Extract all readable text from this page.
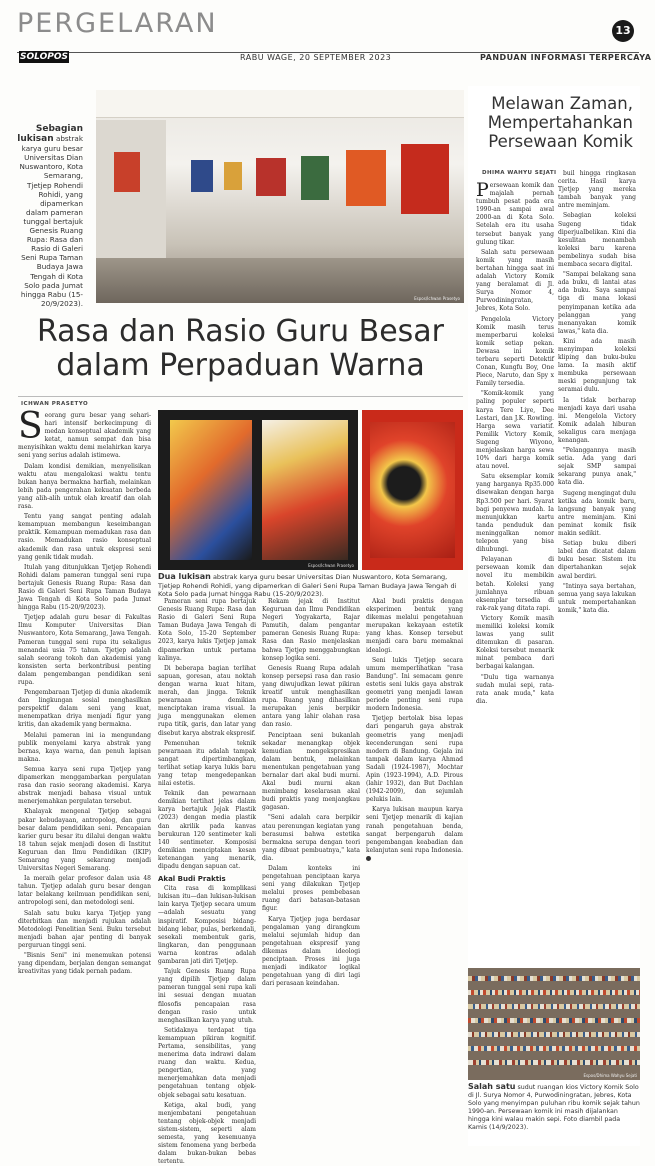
PERGELARAN	13
SOLOPOS	RABU WAGE, 20 SEPTEMBER 2023	PANDUAN INFORMASI TERPERCAYA
Sebagian lukisan abstrak karya guru besar Universitas Dian Nuswantoro, Kota Semarang, Tjetjep Rohendi Rohidi, yang dipamerkan dalam pameran tunggal bertajuk Genesis Ruang Rupa: Rasa dan Rasio di Galeri Seni Rupa Taman Budaya Jawa Tengah di Kota Solo pada Jumat hingga Rabu (15-20/9/2023).
Espos/Ichwan Prasetyo
Melawan Zaman, Mempertahankan Persewaan Komik
DHIMA WAHYU SEJATI
P ersewaan komik dan majalah pernah tumbuh pesat pada era 1990-an sampai awal 2000-an di Kota Solo. Setelah era itu usaha tersebut banyak yang gulung tikar.

Salah satu persewaan komik yang masih bertahan hingga saat ini adalah Victory Komik yang beralamat di Jl. Surya Nomor 4, Purwodiningratan, Jebres, Kota Solo.

Pengelola Victory Komik masih terus memperbarui koleksi komik setiap pekan. Dewasa ini komik terbaru seperti Detektif Conan, Kungfu Boy, One Piece, Naruto, dan Spy x Family tersedia.

"Komik-komik yang paling populer seperti karya Tere Liye, Dee Lestari, dan J.K. Rowling. Harga sewa variatif. Pemilik Victory Komik, Sugeng Wiyono, menjelaskan harga sewa 10% dari harga komik atau novel.

Satu eksemplar komik yang harganya Rp35.000 disewakan dengan harga Rp3.500 per hari. Syarat bagi penyewa mudah. Ia menunjukkan kartu tanda penduduk dan meninggalkan nomor telepon yang bisa dihubungi.

Pelayanan di persewaan komik dan novel itu membikin betah. Koleksi yang jumlahnya ribuan eksemplar tersedia di rak-rak yang ditata rapi.

Victory Komik masih memiliki koleksi komik lawas yang sulit ditemukan di pasaran. Koleksi tersebut menarik minat pembaca dari berbagai kalangan.

"Dulu tiga warnanya sudah mulai sepi, rata-rata anak muda," kata dia.

buil hingga ringkasan cerita. Hasil karya Tjetjep yang mereka tambah banyak yang antre meminjam.

Sebagian koleksi Sugeng tidak diperjualbelikan. Kini dia kesulitan menambah koleksi baru karena pembelinya sudah bisa membaca secara digital.

"Sampai belakang sana ada buku, di lantai atas ada buku. Saya sampai tiga di mana lokasi penyimpanan ketika ada pelanggan yang menanyakan komik lawas," kata dia.

Kini ada masih menyimpan koleksi kliping dan buku-buku lama. Ia masih aktif membuka persewaan meski pengunjung tak seramai dulu.

Ia tidak berharap menjadi kaya dari usaha ini. Mengelola Victory Komik adalah hiburan sekaligus cara menjaga kenangan.

"Pelanggannya masih setia. Ada yang dari sejak SMP sampai sekarang punya anak," kata dia.

Sugeng mengingat dulu ketika ada komik baru, langsung banyak yang antre meminjam. Kini peminat komik fisik makin sedikit.

Setiap buku diberi label dan dicatat dalam buku besar. Sistem itu dipertahankan sejak awal berdiri.

"Intinya saya bertahan, semua yang saya lakukan untuk mempertahankan komik," kata dia.

Rasa dan Rasio Guru Besar dalam Perpaduan Warna
ICHWAN PRASETYO
S eorang guru besar yang sehari-hari intensif berkecimpung di medan konseptual akademik yang ketat, namun sempat dan bisa menyisihkan waktu demi melahirkan karya seni yang serius adalah istimewa.

Dalam kondisi demikian, menyelisikan waktu atau mengalokasi waktu tentu bukan hanya bermakna harfiah, melainkan lebih pada pengerahan kekuatan berbeda yang alih-alih untuk olah kreatif dan olah rasa.

Tentu yang sangat penting adalah kemampuan membangun keseimbangan praktik. Kemampuan memadukan rasa dan rasio. Memadukan rasio konseptual akademik dan rasa untuk ekspresi seni yang genik tidak mudah.

Itulah yang ditunjukkan Tjetjep Rohendi Rohidi dalam pameran tunggal seni rupa bertajuk Genesis Ruang Rupa: Rasa dan Rasio di Galeri Seni Rupa Taman Budaya Jawa Tengah di Kota Solo pada Jumat hingga Rabu (15-20/9/2023).

Tjetjep adalah guru besar di Fakultas Ilmu Komputer Universitas Dian Nuswantoro, Kota Semarang, Jawa Tengah. Pameran tunggal seni rupa itu sekaligus menandai usia 75 tahun. Tjetjep adalah salah seorang tokoh dan akademisi yang konsisten serta berkontribusi penting dalam pengembangan pendidikan seni rupa.

Pengembaraan Tjetjep di dunia akademik dan lingkungan sosial menghasilkan perspektif dalam seni yang kuat, menempatkan driya menjadi figur yang kritis, dan akademik yang bermakna.

Melalui pameran ini ia mengundang publik menyelami karya abstrak yang bernas, kaya warna, dan penuh lapisan makna.

Semua karya seni rupa Tjetjep yang dipamerkan menggambarkan pergulatan rasa dan rasio seorang akademisi. Karya abstrak menjadi bahasa visual untuk menerjemahkan pergulatan tersebut.

Khalayak mengenal Tjetjep sebagai pakar kebudayaan, antropolog, dan guru besar dalam pendidikan seni. Pencapaian karier guru besar itu dilalui dengan waktu 18 tahun sejak menjadi dosen di Institut Keguruan dan Ilmu Pendidikan (IKIP) Semarang yang sekarang menjadi Universitas Negeri Semarang.

Ia meraih gelar profesor dalan usia 48 tahun. Tjetjep adalah guru besar dengan latar belakang keilmuan pendidikan seni, antropologi seni, dan metodologi seni.

Salah satu buku karya Tjetjep yang diterbitkan dan menjadi rujukan adalah Metodologi Penelitian Seni. Buku tersebut menjadi bahan ajar penting di banyak perguruan tinggi seni.

"Bisnis Seni" ini menemukan potensi yang dipendam, berjalan dengan semangat kreativitas yang tidak pernah padam.

Espos/Ichwan Prasetyo
Dua lukisan abstrak karya guru besar Universitas Dian Nuswantoro, Kota Semarang, Tjetjep Rohendi Rohidi, yang dipamerkan di Galeri Seni Rupa Taman Budaya Jawa Tengah di Kota Solo pada Jumat hingga Rabu (15-20/9/2023).

Pameran seni rupa bertajuk Genesis Ruang Rupa: Rasa dan Rasio di Galeri Seni Rupa Taman Budaya Jawa Tengah di Kota Solo, 15-20 September 2023, karya lukis Tjetjep jamak dipamerkan untuk pertama kalinya.

Di beberapa bagian terlihat sapuan, goresan, atau noktah dengan warna kuat hitam, merah, dan jingga. Teknik pewarnaan demikian menciptakan irama visual. Ia juga menggunakan elemen rupa titik, garis, dan latar yang disebut karya abstrak ekspresif.

Pemenuhan teknik pewarnaan itu adalah tampak sangat dipertimbangkan, terlihat setiap karya lukis baru yang tetap mengedepankan nilai estetis.

Teknik dan pewarnaan demikian tertihat jelas dalam karya bertajuk Jejak Plastik (2023) dengan media plastik dan akrilik pada kanvas berukuran 120 sentimeter kali 140 sentimeter. Komposisi demikian menciptakan kesan ketenangan yang menarik, dipadu dengan sapuan cat.

Akal Budi Praktis

Cita rasa di komplikasi lukisan itu—dan lukisan-lukisan lain karya Tjetjep secara umum—adalah sesuatu yang inspiratif. Komposisi bidang-bidang lebar, pulas, berkendali, sesekali membentuk garis, lingkaran, dan penggunaan warna kontras adalah gambaran jati diri Tjetjep.

Tajuk Genesis Ruang Rupa yang dipilih Tjetjep dalam pameran tunggal seni rupa kali ini sesuai dengan muatan filosofis pencapaian rasa dengan rasio untuk menghasilkan karya yang utuh.

Setidaknya terdapat tiga kemampuan pikiran kognitif. Pertama, sensibilitas, yang menerima data indrawi dalam ruang dan waktu. Kedua, pengertian, yang menerjemahkan data menjadi pengetahuan tentang objek-objek sebagai satu kesatuan.

Ketiga, akal budi, yang menjembatani pengetahuan tentang objek-objek menjadi sistem-sistem, seperti alam semesta, yang kesemuanya sistem fenomena yang berbeda dalam bukan-bukan bebas tertentu.

Rekam jejak di Institut Keguruan dan Ilmu Pendidikan Negeri Yogyakarta, Rajar Pamutih, dalam pengantar pameran Genesis Ruang Rupa: Rasa dan Rasio menjelaskan bahwa Tjetjep menggabungkan konsep logika seni.

Genesis Ruang Rupa adalah konsep persepsi rasa dan rasio yang diwujudkan lewat pikiran kreatif untuk menghasilkan rupa. Ruang yang dihasilkan merupakan jenis berpikir antara yang lahir olahan rasa dan rasio.

Penciptaan seni bukanlah sekadar menangkap objek kemudian mengekspresikan dalam bentuk, melainkan menentukan pengetahuan yang bernalar dari akal budi murni. Akal budi murni akan menimbang keselarasan akal budi praktis yang menjangkau gagasan.

"Seni adalah cara berpikir atau perenungan kegiatan yang berasumsi bahwa estetika bermakna serupa dengan teori yang dibuat pembuatnya," kata dia.

Dalam konteks ini pengetahuan penciptaan karya seni yang dilakukan Tjetjep melalui proses pembebasan ruang dari batasan-batasan figur.

Karya Tjetjep juga berdasar pengalaman yang dirangkum melalui sejumlah hidup dan pengetahuan ekspresif yang dikemas dalam ideologi penciptaan. Proses ini juga menjadi indikator logikal pengetahuan yang di diri lagi dari perasaan keindahan.

Akal budi praktis dengan eksperimen bentuk yang dikemas melalui pengetahuan merupakan kekayaan estetik yang khas. Konsep tersebut menjadi cara baru memaknai idealogi.

Seni lukis Tjetjep secara umum memperlihatkan "rasa Bandung". Ini semacam genre estetis seni lukis gaya abstrak geometri yang menjadi lawan periode penting seni rupa modern Indonesia.

Tjetjep bertolak bisa lepas dari pengaruh gaya abstrak geometris yang menjadi kecenderungan seni rupa modern di Bandung. Gejala ini tampak dalam karya Ahmad Sadali (1924-1987), Mochtar Apin (1923-1994), A.D. Pirous (lahir 1932), dan But Dachlan (1942-2009), dan sejumlah pelukis lain.

Karya lukisan maupun karya seni Tjetjep menarik di kajian ranah pengetahuan benda, sangat berpengaruh dalam pengembangan keabadian dan kelanjutan seni rupa Indonesia.

Espos/Dhima Wahyu Sejati
Salah satu sudut ruangan kios Victory Komik Solo di Jl. Surya Nomor 4, Purwodiningratan, Jebres, Kota Solo yang menyimpan puluhan ribu komik sejak tahun 1990-an. Persewaan komik ini masih dijalankan hingga kini walau makin sepi. Foto diambil pada Kamis (14/9/2023).
